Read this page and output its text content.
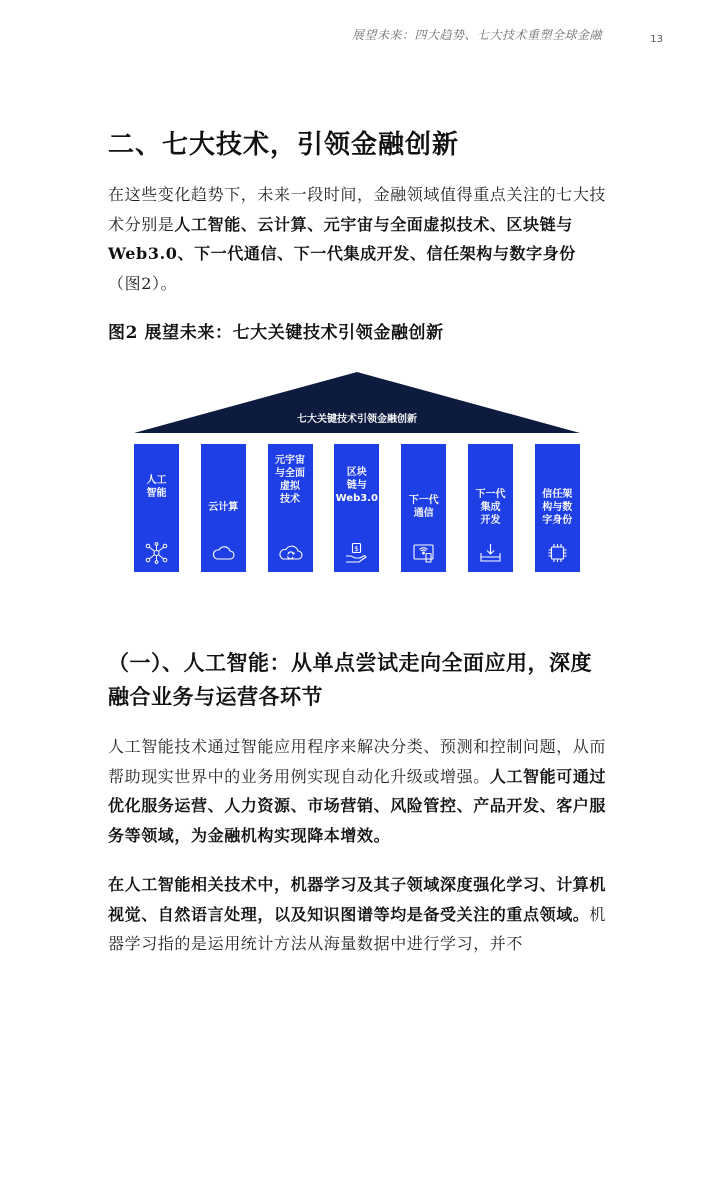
展望未来：四大趋势、七大技术重塑全球金融	13
二、七大技术，引领金融创新

在这些变化趋势下，未来一段时间，金融领域值得重点关注的七大技术分别是人工智能、云计算、元宇宙与全面虚拟技术、区块链与Web3.0、下一代通信、下一代集成开发、信任架构与数字身份（图2）。

图2 展望未来：七大关键技术引领金融创新
七大关键技术引领金融创新
人工
智能
云计算
元宇宙
与全面
虚拟
技术
区块
链与
Web3.0
$
下一代
通信
下一代
集成
开发
信任架
构与数
字身份
（一）、人工智能：从单点尝试走向全面应用，深度融合业务与运营各环节

人工智能技术通过智能应用程序来解决分类、预测和控制问题，从而帮助现实世界中的业务用例实现自动化升级或增强。人工智能可通过优化服务运营、人力资源、市场营销、风险管控、产品开发、客户服务等领域，为金融机构实现降本增效。

在人工智能相关技术中，机器学习及其子领域深度强化学习、计算机视觉、自然语言处理，以及知识图谱等均是备受关注的重点领域。机器学习指的是运用统计方法从海量数据中进行学习，并不
